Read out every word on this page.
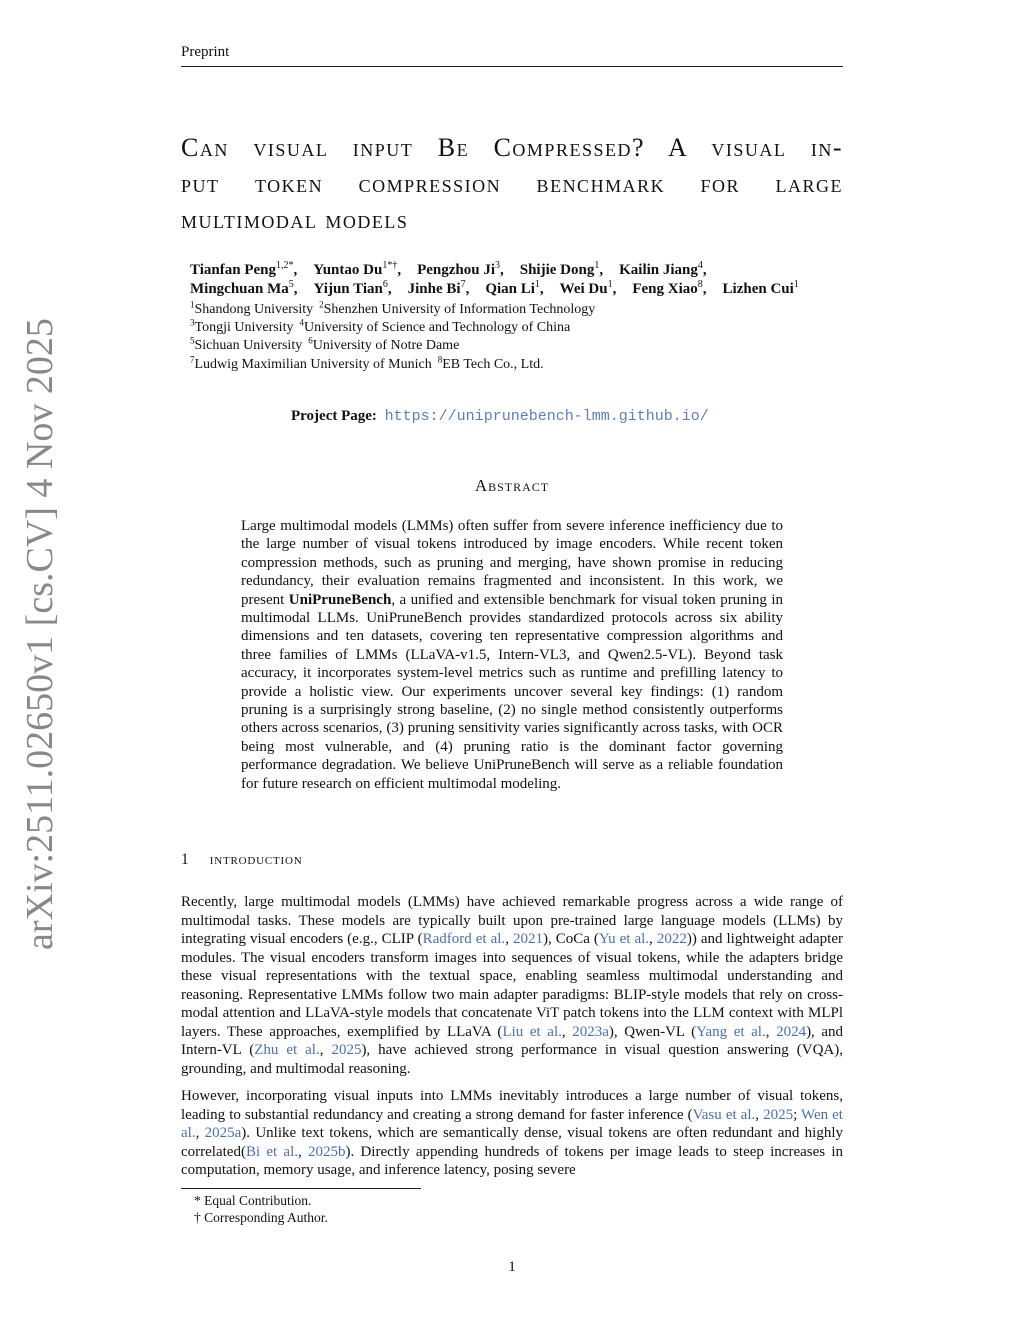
Preprint
arXiv:2511.02650v1 [cs.CV] 4 Nov 2025
Can visual input Be Compressed? A visual in-
put token compression benchmark for large
multimodal models
Tianfan Peng$^{1,2*}$, Yuntao $Du^{1*\dagger}$, Pengzhou Ji$^3$, Shijie Dong$^1$, Kailin Jiang$^4$,
Mingchuan Ma$^5$, Yijun Tian$^6$, Jinhe Bi$^7$, Qian Li$^1$, Wei Du$^1$, Feng Xiao$^8$, Lizhen Cui$^1$
$^1$Shandong University $^2$Shenzhen University of Information Technology
$^3$Tongji University $^4$University of Science and Technology of China
$^5$Sichuan University $^6$University of Notre Dame
$^7$Ludwig Maximilian University of Munich $^8$EB Tech Co., Ltd.
Project Page: https://uniprunebench-lmm.github.io/
Abstract
Large multimodal models (LMMs) often suffer from severe inference inefficiency due to the large number of visual tokens introduced by image encoders. While recent token compression methods, such as pruning and merging, have shown promise in reducing redundancy, their evaluation remains fragmented and inconsistent. In this work, we present UniPruneBench, a unified and extensible benchmark for visual token pruning in multimodal LLMs. UniPruneBench provides standardized protocols across six ability dimensions and ten datasets, covering ten representative compression algorithms and three families of LMMs (LLaVA-v1.5, Intern-VL3, and Qwen2.5-VL). Beyond task accuracy, it incorporates system-level metrics such as runtime and prefilling latency to provide a holistic view. Our experiments uncover several key findings: (1) random pruning is a surprisingly strong baseline, (2) no single method consistently outperforms others across scenarios, (3) pruning sensitivity varies significantly across tasks, with OCR being most vulnerable, and (4) pruning ratio is the dominant factor governing performance degradation. We believe UniPruneBench will serve as a reliable foundation for future research on efficient multimodal modeling.
1 introduction
Recently, large multimodal models (LMMs) have achieved remarkable progress across a wide range of multimodal tasks. These models are typically built upon pre-trained large language models (LLMs) by integrating visual encoders (e.g., CLIP (Radford et al., 2021), CoCa (Yu et al., 2022)) and lightweight adapter modules. The visual encoders transform images into sequences of visual tokens, while the adapters bridge these visual representations with the textual space, enabling seamless multimodal understanding and reasoning. Representative LMMs follow two main adapter paradigms: BLIP-style models that rely on cross-modal attention and LLaVA-style models that concatenate ViT patch tokens into the LLM context with MLPl layers. These approaches, exemplified by LLaVA (Liu et al., 2023a), Qwen-VL (Yang et al., 2024), and Intern-VL (Zhu et al., 2025), have achieved strong performance in visual question answering (VQA), grounding, and multimodal reasoning.
However, incorporating visual inputs into LMMs inevitably introduces a large number of visual tokens, leading to substantial redundancy and creating a strong demand for faster inference (Vasu et al., 2025; Wen et al., 2025a). Unlike text tokens, which are semantically dense, visual tokens are often redundant and highly correlated(Bi et al., 2025b). Directly appending hundreds of tokens per image leads to steep increases in computation, memory usage, and inference latency, posing severe
* Equal Contribution.
† Corresponding Author.
1
